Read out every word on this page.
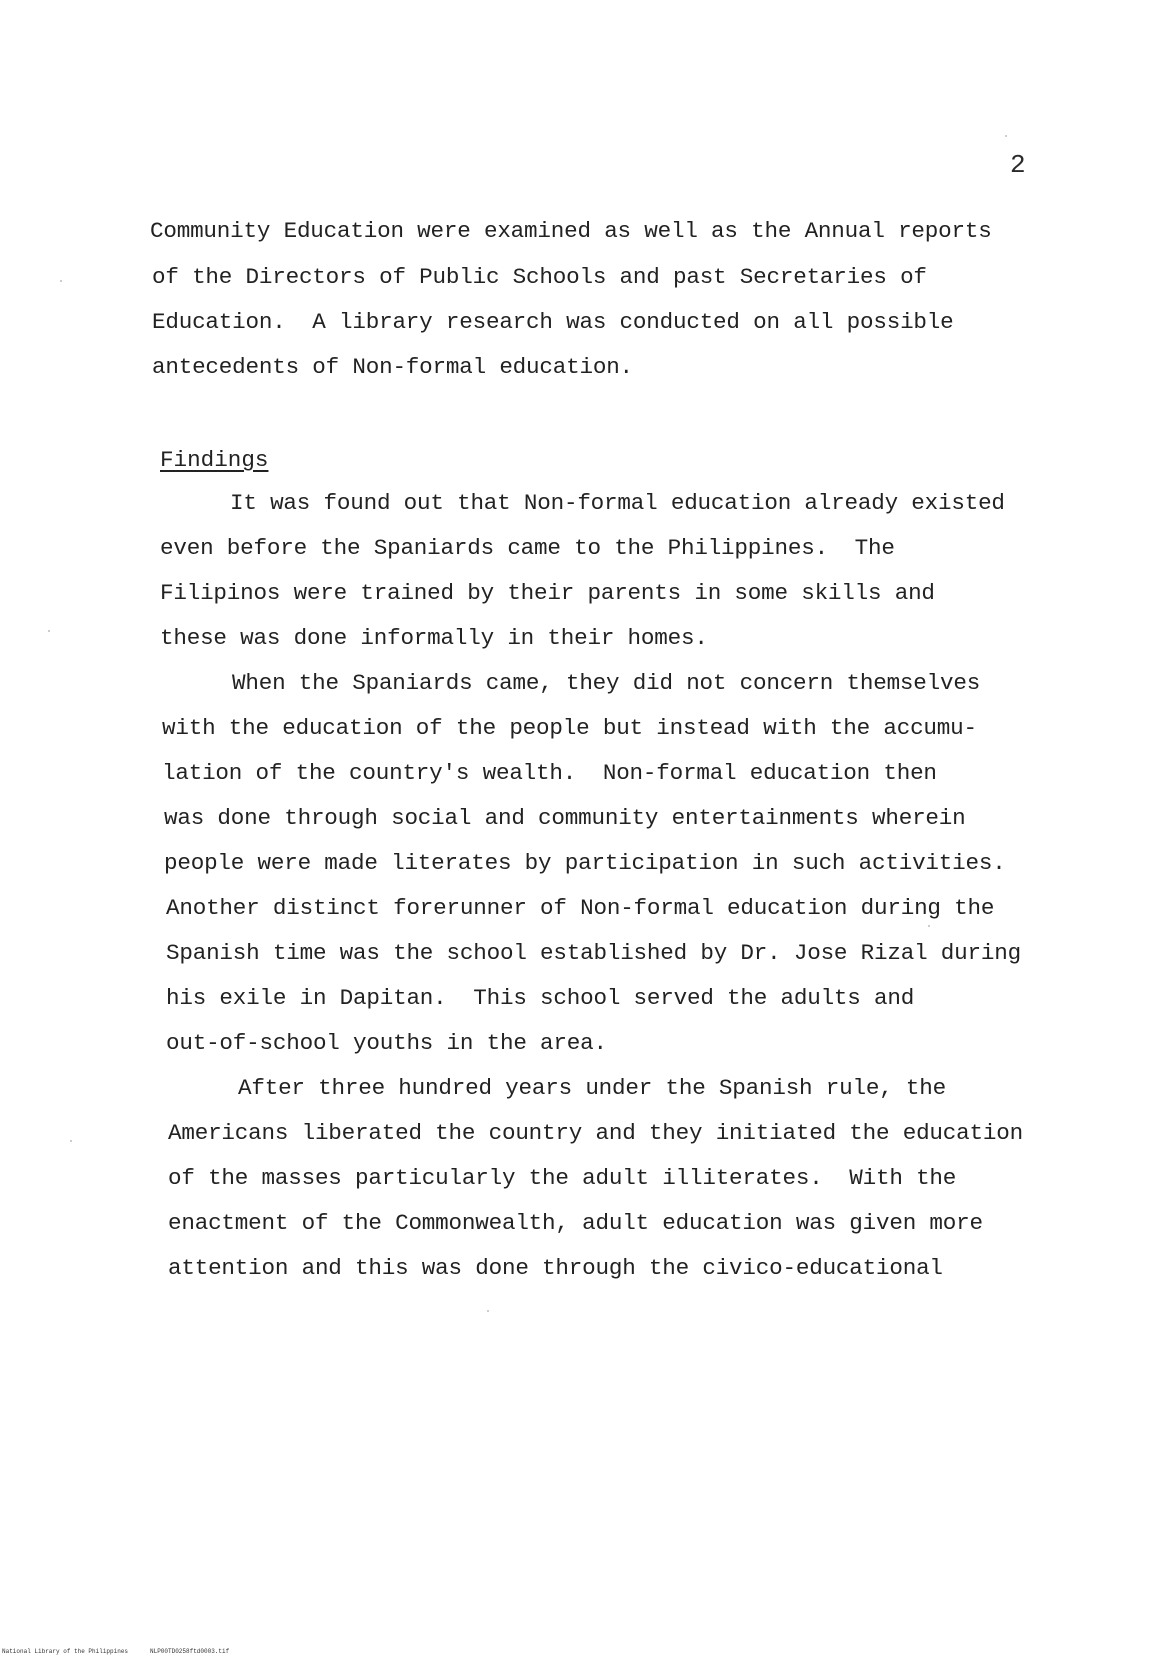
2
Community Education were examined as well as the Annual reports
of the Directors of Public Schools and past Secretaries of
Education.  A library research was conducted on all possible
antecedents of Non-formal education.
Findings
It was found out that Non-formal education already existed
even before the Spaniards came to the Philippines.  The
Filipinos were trained by their parents in some skills and
these was done informally in their homes.
When the Spaniards came, they did not concern themselves
with the education of the people but instead with the accumu-
lation of the country's wealth.  Non-formal education then
was done through social and community entertainments wherein
people were made literates by participation in such activities.
Another distinct forerunner of Non-formal education during the
Spanish time was the school established by Dr. Jose Rizal during
his exile in Dapitan.  This school served the adults and
out-of-school youths in the area.
After three hundred years under the Spanish rule, the
Americans liberated the country and they initiated the education
of the masses particularly the adult illiterates.  With the
enactment of the Commonwealth, adult education was given more
attention and this was done through the civico-educational
National Library of the Philippines	NLP00TD0258ftd0003.tif
